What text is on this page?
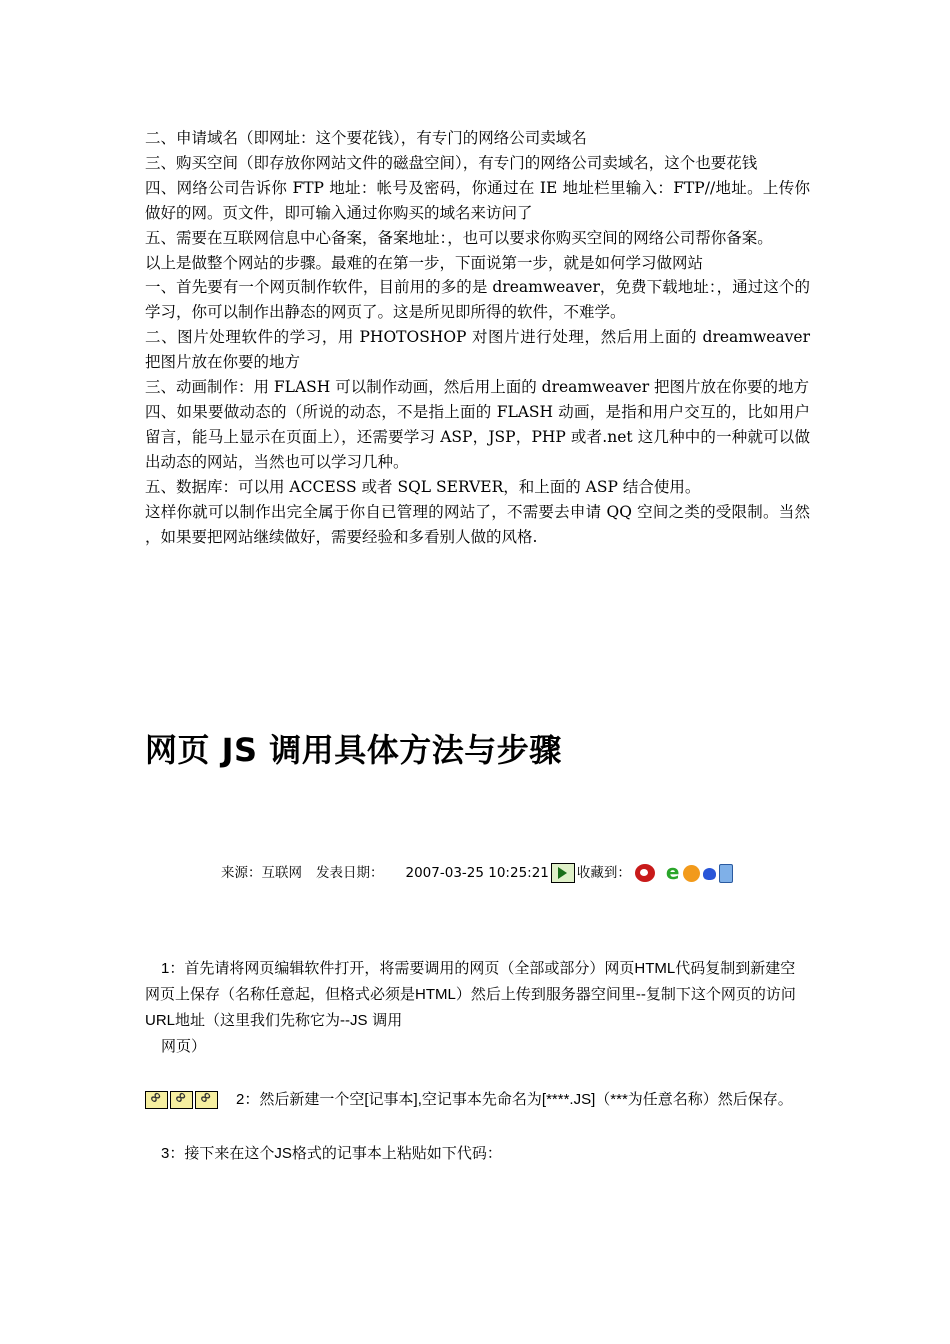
二、申请域名（即网址：这个要花钱），有专门的网络公司卖域名

三、购买空间（即存放你网站文件的磁盘空间），有专门的网络公司卖域名，这个也要花钱

四、网络公司告诉你 FTP 地址：帐号及密码，你通过在 IE 地址栏里输入：FTP//地址。上传你做好的网。页文件，即可输入通过你购买的域名来访问了

五、需要在互联网信息中心备案，备案地址：，也可以要求你购买空间的网络公司帮你备案。

以上是做整个网站的步骤。最难的在第一步，下面说第一步，就是如何学习做网站

一、首先要有一个网页制作软件，目前用的多的是 dreamweaver，免费下载地址：，通过这个的学习，你可以制作出静态的网页了。这是所见即所得的软件，不难学。

二、图片处理软件的学习，用 PHOTOSHOP 对图片进行处理，然后用上面的 dreamweaver 把图片放在你要的地方

三、动画制作：用 FLASH 可以制作动画，然后用上面的 dreamweaver 把图片放在你要的地方

四、如果要做动态的（所说的动态，不是指上面的 FLASH 动画，是指和用户交互的，比如用户留言，能马上显示在页面上），还需要学习 ASP，JSP，PHP 或者.net 这几种中的一种就可以做出动态的网站，当然也可以学习几种。

五、数据库：可以用 ACCESS 或者 SQL SERVER，和上面的 ASP 结合使用。

这样你就可以制作出完全属于你自已管理的网站了，不需要去申请 QQ 空间之类的受限制。当然 ，如果要把网站继续做好，需要经验和多看别人做的风格.

网页 JS 调用具体方法与步骤
来源： 互联网 发表日期： 2007-03-25 10:25:21 收藏到：
e

1：首先请将网页编辑软件打开，将需要调用的网页（全部或部分）网页HTML代码复制到新建空网页上保存（名称任意起，但格式必须是HTML）然后上传到服务器空间里--复制下这个网页的访问URL地址（这里我们先称它为--JS 调用

网页）

∞∞∞2：然后新建一个空[记事本],空记事本先命名为[****.JS]（***为任意名称）然后保存。

3：接下来在这个JS格式的记事本上粘贴如下代码：
